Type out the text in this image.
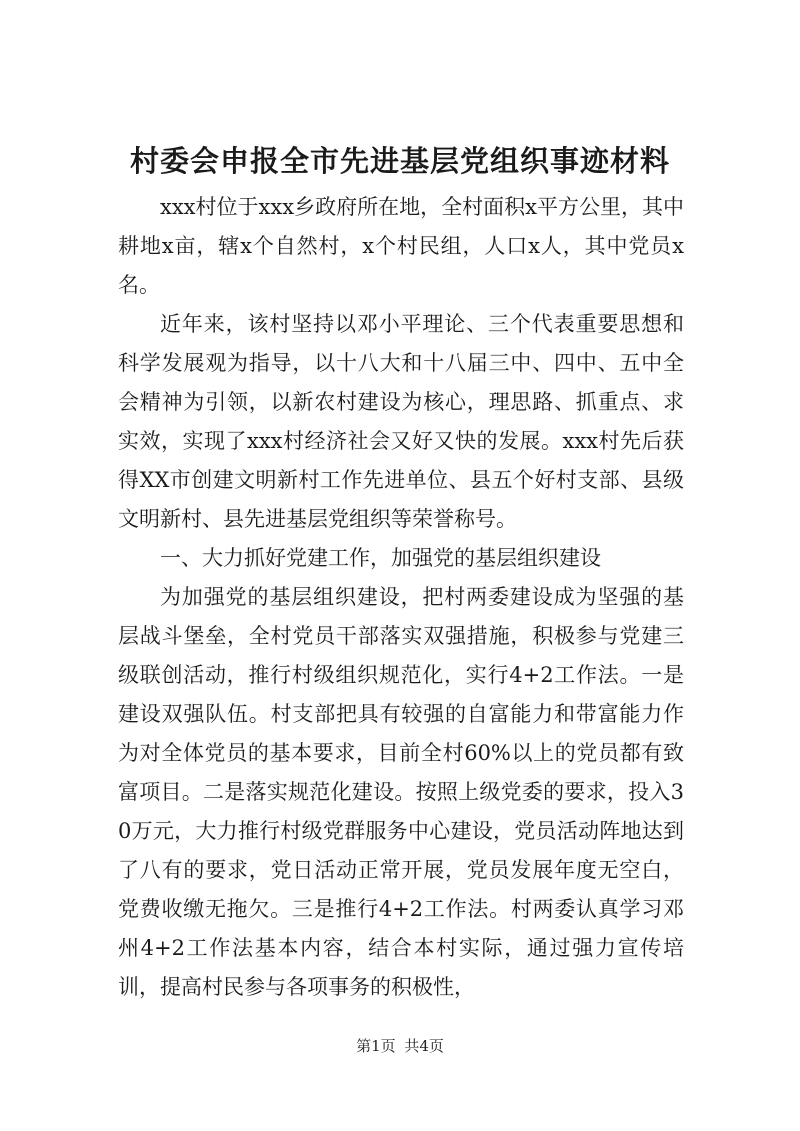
村委会申报全市先进基层党组织事迹材料

xxx村位于xxx乡政府所在地，全村面积x平方公里，其中耕地x亩，辖x个自然村，x个村民组，人口x人，其中党员x名。

近年来，该村坚持以邓小平理论、三个代表重要思想和科学发展观为指导，以十八大和十八届三中、四中、五中全会精神为引领，以新农村建设为核心，理思路、抓重点、求实效，实现了xxx村经济社会又好又快的发展。xxx村先后获得XX市创建文明新村工作先进单位、县五个好村支部、县级文明新村、县先进基层党组织等荣誉称号。

一、大力抓好党建工作，加强党的基层组织建设

为加强党的基层组织建设，把村两委建设成为坚强的基层战斗堡垒，全村党员干部落实双强措施，积极参与党建三级联创活动，推行村级组织规范化，实行4+2工作法。一是建设双强队伍。村支部把具有较强的自富能力和带富能力作为对全体党员的基本要求，目前全村60%以上的党员都有致富项目。二是落实规范化建设。按照上级党委的要求，投入30万元，大力推行村级党群服务中心建设，党员活动阵地达到了八有的要求，党日活动正常开展，党员发展年度无空白，党费收缴无拖欠。三是推行4+2工作法。村两委认真学习邓州4+2工作法基本内容，结合本村实际，通过强力宣传培训，提高村民参与各项事务的积极性，

第1页 共4页
